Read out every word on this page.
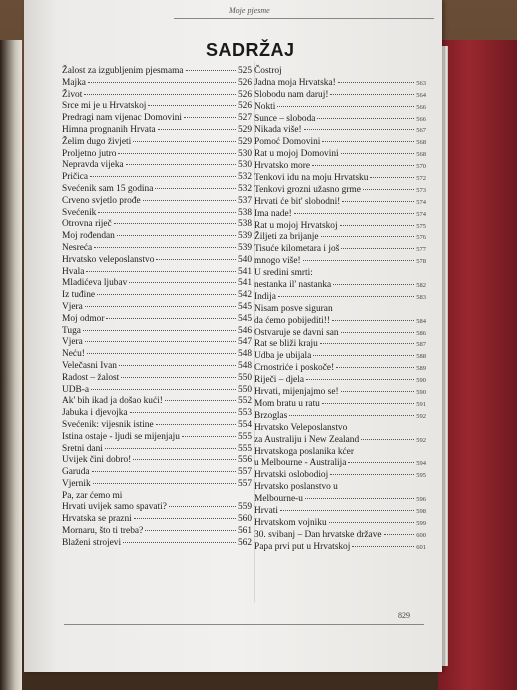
Moje pjesme
SADRŽAJ
Žalost za izgubljenim pjesmama	525
Majka	526
Život	526
Srce mi je u Hrvatskoj	526
Predragi nam vijenac Domovini	527
Himna prognanih Hrvata	529
Želim dugo živjeti	529
Proljetno jutro	530
Nepravda vijeka	530
Pričica	532
Svećenik sam 15 godina	532
Crveno svjetlo prođe	537
Svećenik	538
Otrovna riječ	538
Moj rođendan	539
Nesreća	539
Hrvatsko veleposlanstvo	540
Hvala	541
Mladićeva ljubav	541
Iz tuđine	542
Vjera	545
Moj odmor	545
Tuga	546
Vjera	547
Neću!	548
Velečasni Ivan	548
Radost – žalost	550
UDB-a	550
Ak' bih ikad ja došao kući!	552
Jabuka i djevojka	553
Svećenik: vijesnik istine	554
Istina ostaje - ljudi se mijenjaju	555
Sretni dani	555
Uvijek čini dobro!	556
Garuda	557
Vjernik	557
Pa, zar ćemo mi
Hrvati uvijek samo spavati?	559
Hrvatska se prazni	560
Mornaru, što ti treba?	561
Blaženi strojevi	562
Čostroj
Jadna moja Hrvatska!	563
Slobodu nam daruj!	564
Nokti	566
Sunce – sloboda	566
Nikada više!	567
Pomoć Domovini	568
Rat u mojoj Domovini	568
Hrvatsko more	570
Tenkovi idu na moju Hrvatsku	572
Tenkovi grozni užasno grme	573
Hrvati će bit' slobodni!	574
Ima nade!	574
Rat u mojoj Hrvatskoj	575
Žiljeti za brijanje	576
Tisuće kilometara i još	577
mnogo više!	578
U sredini smrti:
nestanka il' nastanka	582
Indija	583
Nisam posve siguran
da ćemo pobijediti!!	584
Ostvaruje se davni san	586
Rat se bliži kraju	587
Udba je ubijala	588
Crnostriće i poskoče!	589
Riječi – djela	590
Hrvati, mijenjajmo se!	590
Mom bratu u ratu	591
Brzoglas	592
Hrvatsko Veleposlanstvo
za Australiju i New Zealand	592
Hrvatskoga poslanika kćer
u Melbourne - Australija	594
Hrvatski oslobodioj	595
Hrvatsko poslanstvo u
Melbourne-u	596
Hrvati	598
Hrvatskom vojniku	599
30. svibanj – Dan hrvatske države	600
Papa prvi put u Hrvatskoj	601
829
